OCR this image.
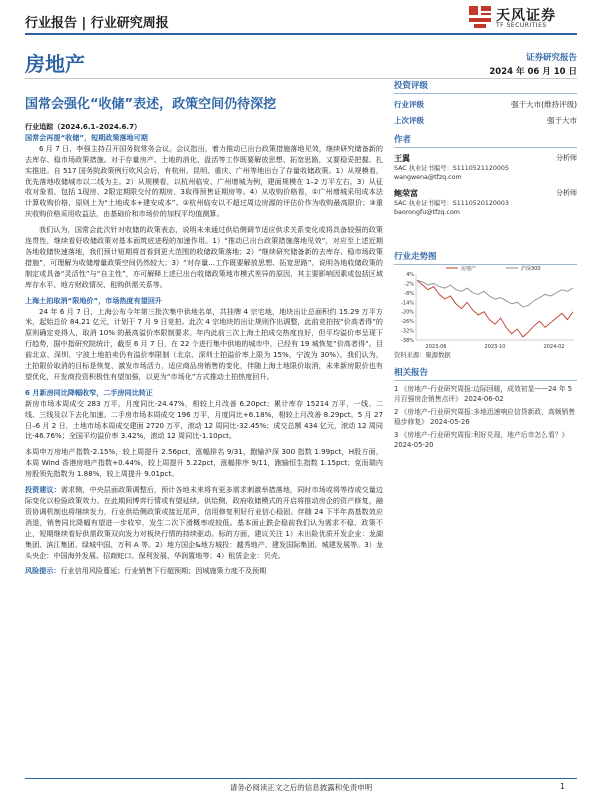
行业报告 | 行业研究周报	天风证券
TF SECURITIES
房地产	证券研究报告
2024 年 06 月 10 日
国常会强化“收储”表述，政策空间仍待深挖

行业追踪（2024.6.1–2024.6.7）

国常会再提“收储”，短期政策落地可期

6 月 7 日，李强主持召开国务院常务会议。会议指出，着力推动已出台政策措施落地见效，继续研究储备新的去库存、稳市场政策措施。对于存量房产、土地的消化、盘活等工作既要解放思想、拓宽思路，又要稳妥把握、扎实推进。自 517 国务院政策例行吹风会后，有杭州、昆明、重庆、广州等地出台了存量收储政策。1）从规模看，优先落地收储城市以二线为主。2）从规模看，以杭州临安、广州增城为例，建面规模在 1–2 万平左右。3）从征收对象看，包括 1现房、2限定期限交付的期房、3取得预售证期房等。4）从收购价格看，①广州增城采用成本法计算收购价格，原则上为“土地成本+建安成本”。②杭州临安以不超过周边房源的评估价作为收购最高限价；③重庆收购价格采用收益法，由基础价和市场价的加权平均值测算。

我们认为，国常会此次针对收储的政策表态，说明未来通过供给侧调节适应供求关系变化或将具备较强的政策连贯性，继续看好收储政策对基本面筑底进程的加速作用。1）“推动已出台政策措施落地见效”，对应至上述近期各地收储快速落地，我们预计短期将首看到更大范围的收储政策落地；2）“继续研究储备新的去库存、稳市场政策措施”，可理解为收储增量政策空间仍然较大；3）“对存量...工作既要解放思想、拓宽思路”，说明各地收储政策的制定或具备“灵活性”与“自主性”，亦可解释上述已出台收储政策地市模式差异的原因，其主要影响因素或包括区域库存水平、地方财政情况、租购供需关系等。

上海土拍取消“限地价”，市场热度有望回升

24 年 6 月 7 日，上海公布今年第三批次集中供地名单，共挂牌 4 宗宅地，地块出让总面积约 15.29 万平方米，起始总价 84.21 亿元，计划于 7 月 9 日竞拍。此次 4 宗地块的出让规则作出调整，此前竞拍按“价高者得”的原则确定竞得人，取消 10% 的最高溢价率限制要求。年内此前三次上海土拍成交热度良好，但平均溢价率呈现下行趋势，据中指研究院统计，截至 6 月 7 日，在 22 个进行集中供地的城市中，已经有 19 城恢复“价高者得”。目前北京、深圳、宁波土地拍卖仍有溢价率限制（北京、深圳土拍溢价率上限为 15%，宁波为 30%）。我们认为，土拍限价取消的目标是恢复、激发市场活力，适应商品房销售的变化，伴随上海土地限价取消，未来新房限价也有望优化，开发商投资积极性有望加强，以更为“市场化”方式推动土拍热度回升。

6 月新房同比降幅收窄，二手房同比转正

新房市场本周成交 283 万平，月度同比-24.47%，相较上月改善 6.20pct；累计库存 15214 万平，一线、二线、三线及以下去化加速。二手房市场本周成交 196 万平，月度同比+6.18%，相较上月改善 8.29pct。5 月 27 日–6 月 2 日，土地市场本周成交建面 2720 万平，滚动 12 周同比-32.45%；成交总额 434 亿元，滚动 12 周同比-46.76%；全国平均溢价率 3.42%，滚动 12 周同比-1.10pct。

本周申万房地产指数-2.15%，较上周提升 2.56pct，涨幅排名 9/31，跑输沪深 300 指数 1.99pct，H股方面，本周 Wind 香港房地产指数+0.44%，较上周提升 5.22pct，涨幅排序 9/11，跑输恒生指数 1.15pct；克而瑞内房股领先指数为 1.88%，较上周提升 9.01pct。

投资建议：需求侧，中央层面政策调整后，预计各地未来将有更多需求刺激举措落地，同时市场或将等待或交量边际变化以检验政策效力。在此期间博弈行情或有望延续。供给侧，政府收储模式的开启将推动房企的资产修复，融资协调机制也将继续发力，行业供给侧政策或接近尾声，信用修复利好行业信心稳固。伴随 24 下半年高基数效应消退，销售同比降幅有望进一步收窄，发生二次下滑概率或较低。基本面止跌企稳前我们认为需求不稳、政策不止，短期继续看好供需政策双向发力对板块行情的持续驱动。标的方面，建议关注 1）未出险优质开发企业：龙湖集团、滨江集团、绿城中国、万科 A 等。2）地方国企&地方城投：越秀地产、建发国际集团、城建发展等。3）龙头央企：中国海外发展、招商蛇口、保利发展、华润置地等；4）租赁企业：贝壳。

风险提示：行业信用风险蔓延；行业销售下行超预期；因城施策力度不及预期

投资评级
行业评级	强于大市(维持评级)
上次评级	强于大市
作者
王翼	分析师
SAC 执业证书编号：S1110521120005
wangwena@tfzq.com
鲍荣富	分析师
SAC 执业证书编号：S1110520120003
baorongfu@tfzq.com
行业走势图
4%
-2%
-8%
-14%
-20%
-26%
-32%
-38%
2023-06	2023-10	2024-02
房地产	沪深300
资料来源：聚源数据
相关报告
1 《房地产-行业研究周报:边际回暖，成效初显——24 年 5 月百强房企销售点评》 2024-06-02
2 《房地产-行业研究周报:多地迅速响应信贷新政，高频销售稳步修复》 2024-05-26
3 《房地产-行业研究周报:利好兑现，地产后市怎么看？》 2024-05-20
请务必阅读正文之后的信息披露和免责申明	1
